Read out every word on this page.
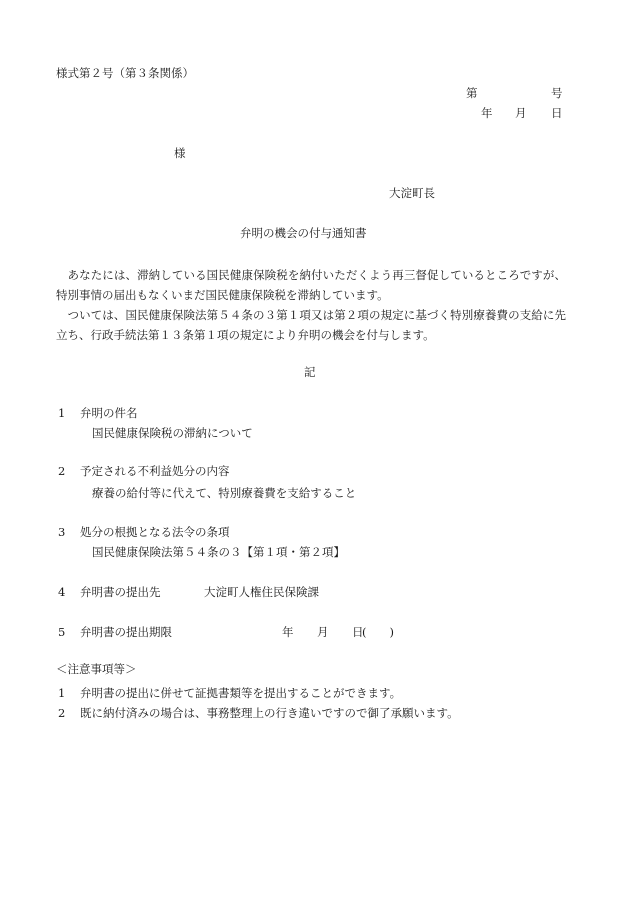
様式第２号（第３条関係）
第	号
年 月 日
様
大淀町長
弁明の機会の付与通知書
あなたには、滞納している国民健康保険税を納付いただくよう再三督促しているところですが、特別事情の届出もなくいまだ国民健康保険税を滞納しています。
ついては、国民健康保険法第５４条の３第１項又は第２項の規定に基づく特別療養費の支給に先立ち、行政手続法第１３条第１項の規定により弁明の機会を付与します。
記
1 弁明の件名
国民健康保険税の滞納について
2 予定される不利益処分の内容
療養の給付等に代えて、特別療養費を支給すること
3 処分の根拠となる法令の条項
国民健康保険法第５４条の３【第１項・第２項】
4 弁明書の提出先	大淀町人権住民保険課
5 弁明書の提出期限	年 月 日
(　　)
＜注意事項等＞
1 弁明書の提出に併せて証拠書類等を提出することができます。
2 既に納付済みの場合は、事務整理上の行き違いですので御了承願います。
